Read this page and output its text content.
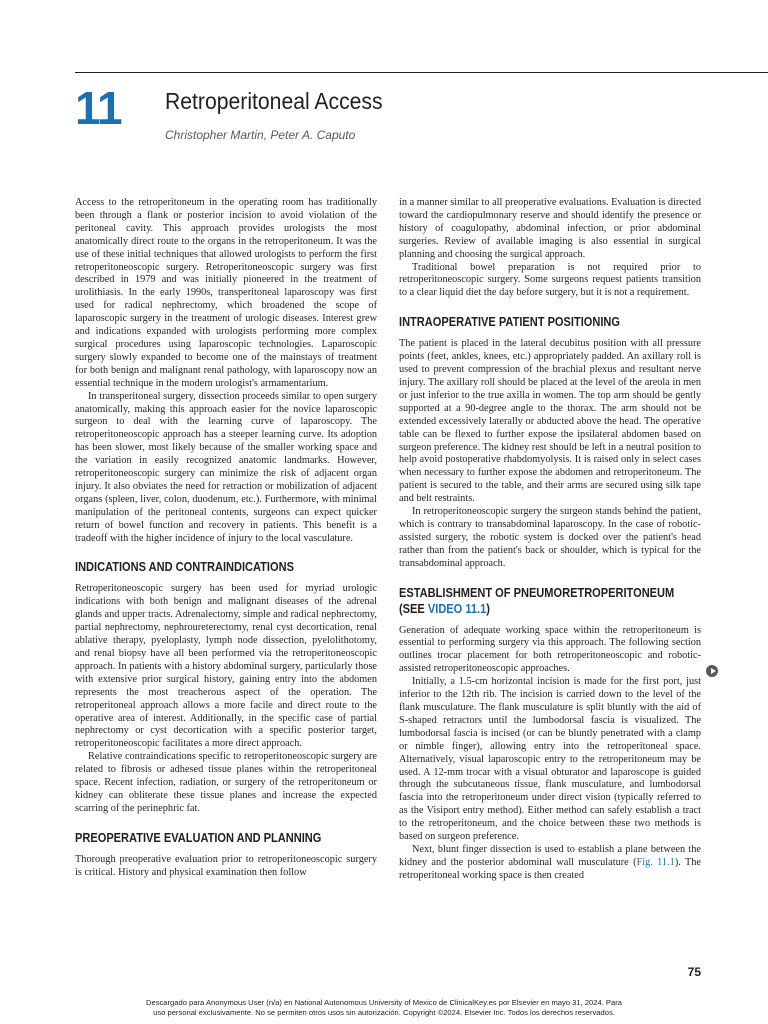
11 Retroperitoneal Access
Christopher Martin, Peter A. Caputo

Access to the retroperitoneum in the operating room has traditionally been through a flank or posterior incision to avoid violation of the peritoneal cavity. This approach provides urologists the most anatomically direct route to the organs in the retroperitoneum. It was the use of these initial techniques that allowed urologists to perform the first retroperitoneoscopic surgery. Retroperitoneoscopic surgery was first described in 1979 and was initially pioneered in the treatment of urolithiasis. In the early 1990s, transperitoneal laparoscopy was first used for radical nephrectomy, which broadened the scope of laparoscopic surgery in the treatment of urologic diseases. Interest grew and indications expanded with urologists performing more complex surgical procedures using laparoscopic technologies. Laparoscopic surgery slowly expanded to become one of the mainstays of treatment for both benign and malignant renal pathology, with laparoscopy now an essential technique in the modern urologist's armamentarium.

In transperitoneal surgery, dissection proceeds similar to open surgery anatomically, making this approach easier for the novice laparoscopic surgeon to deal with the learning curve of laparoscopy. The retroperitoneoscopic approach has a steeper learning curve. Its adoption has been slower, most likely because of the smaller working space and the variation in easily recognized anatomic landmarks. However, retroperitoneoscopic surgery can minimize the risk of adjacent organ injury. It also obviates the need for retraction or mobilization of adjacent organs (spleen, liver, colon, duodenum, etc.). Furthermore, with minimal manipulation of the peritoneal contents, surgeons can expect quicker return of bowel function and recovery in patients. This benefit is a tradeoff with the higher incidence of injury to the local vasculature.

INDICATIONS AND CONTRAINDICATIONS

Retroperitoneoscopic surgery has been used for myriad urologic indications with both benign and malignant diseases of the adrenal glands and upper tracts. Adrenalectomy, simple and radical nephrectomy, partial nephrectomy, nephroureterectomy, renal cyst decortication, renal ablative therapy, pyeloplasty, lymph node dissection, pyelolithotomy, and renal biopsy have all been performed via the retroperitoneoscopic approach. In patients with a history abdominal surgery, particularly those with extensive prior surgical history, gaining entry into the abdomen represents the most treacherous aspect of the operation. The retroperitoneal approach allows a more facile and direct route to the operative area of interest. Additionally, in the specific case of partial nephrectomy or cyst decortication with a specific posterior target, retroperitoneoscopic facilitates a more direct approach.

Relative contraindications specific to retroperitoneoscopic surgery are related to fibrosis or adhesed tissue planes within the retroperitoneal space. Recent infection, radiation, or surgery of the retroperitoneum or kidney can obliterate these tissue planes and increase the expected scarring of the perinephric fat.

PREOPERATIVE EVALUATION AND PLANNING

Thorough preoperative evaluation prior to retroperitoneoscopic surgery is critical. History and physical examination then follow

in a manner similar to all preoperative evaluations. Evaluation is directed toward the cardiopulmonary reserve and should identify the presence or history of coagulopathy, abdominal infection, or prior abdominal surgeries. Review of available imaging is also essential in surgical planning and choosing the surgical approach.

Traditional bowel preparation is not required prior to retroperitoneoscopic surgery. Some surgeons request patients transition to a clear liquid diet the day before surgery, but it is not a requirement.

INTRAOPERATIVE PATIENT POSITIONING

The patient is placed in the lateral decubitus position with all pressure points (feet, ankles, knees, etc.) appropriately padded. An axillary roll is used to prevent compression of the brachial plexus and resultant nerve injury. The axillary roll should be placed at the level of the areola in men or just inferior to the true axilla in women. The top arm should be gently supported at a 90-degree angle to the thorax. The arm should not be extended excessively laterally or abducted above the head. The operative table can be flexed to further expose the ipsilateral abdomen based on surgeon preference. The kidney rest should be left in a neutral position to help avoid postoperative rhabdomyolysis. It is raised only in select cases when necessary to further expose the abdomen and retroperitoneum. The patient is secured to the table, and their arms are secured using silk tape and belt restraints.

In retroperitoneoscopic surgery the surgeon stands behind the patient, which is contrary to transabdominal laparoscopy. In the case of robotic-assisted surgery, the robotic system is docked over the patient's head rather than from the patient's back or shoulder, which is typical for the transabdominal approach.

ESTABLISHMENT OF PNEUMORETROPERITONEUM
(SEE VIDEO 11.1)

Generation of adequate working space within the retroperitoneum is essential to performing surgery via this approach. The following section outlines trocar placement for both retroperitoneoscopic and robotic-assisted retroperitoneoscopic approaches.

Initially, a 1.5-cm horizontal incision is made for the first port, just inferior to the 12th rib. The incision is carried down to the level of the flank musculature. The flank musculature is split bluntly with the aid of S-shaped retractors until the lumbodorsal fascia is visualized. The lumbodorsal fascia is incised (or can be bluntly penetrated with a clamp or nimble finger), allowing entry into the retroperitoneal space. Alternatively, visual laparoscopic entry to the retroperitoneum may be used. A 12-mm trocar with a visual obturator and laparoscope is guided through the subcutaneous tissue, flank musculature, and lumbodorsal fascia into the retroperitoneum under direct vision (typically referred to as the Visiport entry method). Either method can safely establish a tract to the retroperitoneum, and the choice between these two methods is based on surgeon preference.

Next, blunt finger dissection is used to establish a plane between the kidney and the posterior abdominal wall musculature (Fig. 11.1). The retroperitoneal working space is then created

75
Descargado para Anonymous User (n/a) en National Autonomous University of Mexico de ClinicalKey.es por Elsevier en mayo 31, 2024. Para
uso personal exclusivamente. No se permiten otros usos sin autorización. Copyright ©2024. Elsevier Inc. Todos los derechos reservados.
